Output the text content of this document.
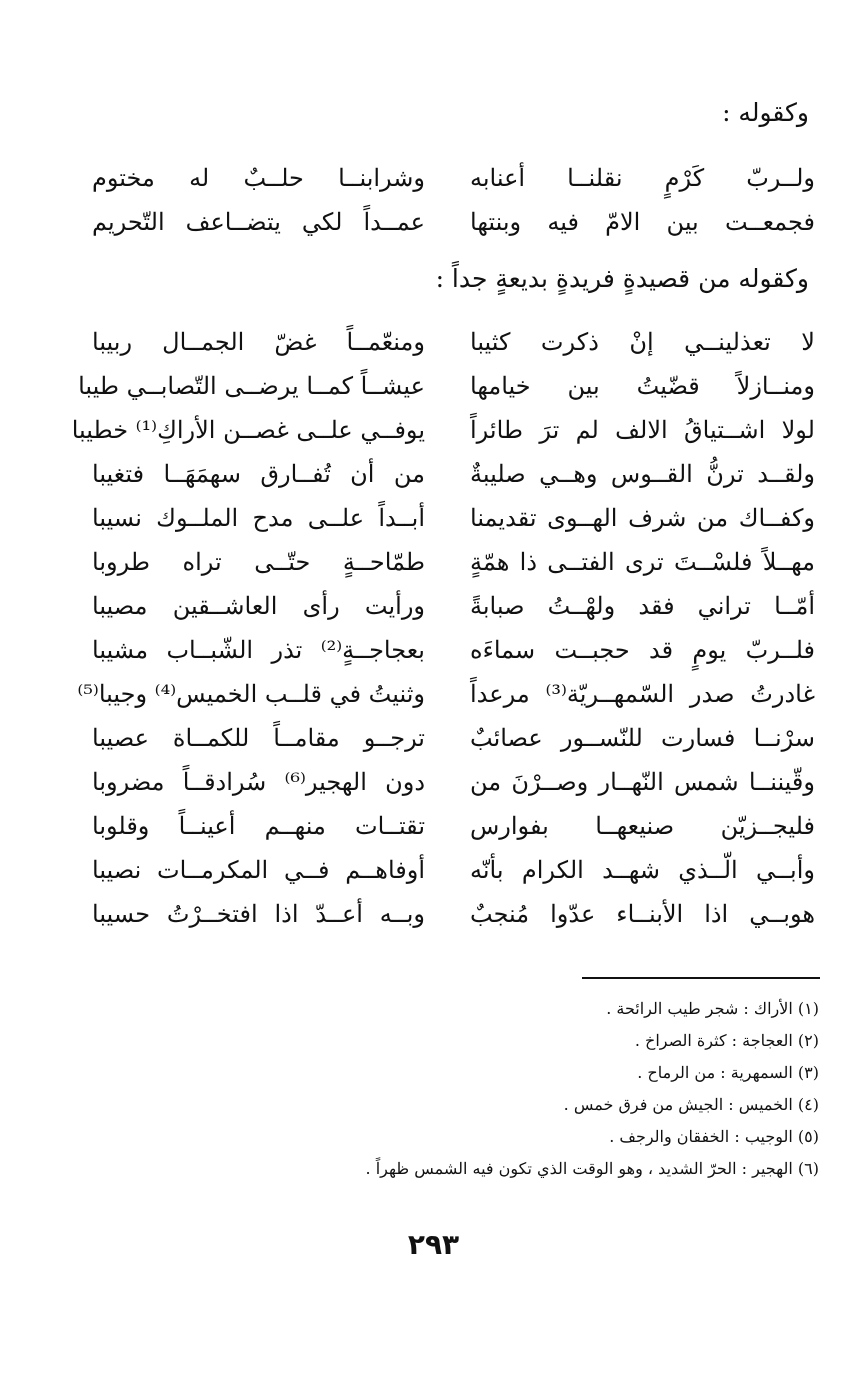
وكقوله :
ولــربّ كَرْمٍ نقلنــا أعنابه
وشرابنــا حلــبٌ له مختوم
فجمعــت بين الامّ فيه وبنتها
عمــداً لكي يتضــاعف التّحريم
وكقوله من قصيدةٍ فريدةٍ بديعةٍ جداً :
لا تعذلينــي إنْ ذكرت كثيبا
ومنعّمــاً غضّ الجمــال ربيبا
ومنــازلاً قضّيتُ بين خيامها
عيشــاً كمــا يرضــى التّصابــي طيبا
لولا اشــتياقُ الالف لم ترَ طائراً
يوفــي علــى غصــن الأراكِ⁽¹⁾ خطيبا
ولقــد ترنُّ القــوس وهــي صليبةٌ
من أن تُفــارق سهمَهَــا فتغيبا
وكفــاك من شرف الهــوى تقديمنا
أبــداً علــى مدح الملــوك نسيبا
مهــلاً فلسْــتَ ترى الفتــى ذا همّةٍ
طمّاحــةٍ حتّــى تراه طروبا
أمّــا تراني فقد ولهْــتُ صبابةً
ورأيت رأى العاشــقين مصيبا
فلــربّ يومٍ قد حجبــت سماءَه
بعجاجــةٍ⁽²⁾ تذر الشّبــاب مشيبا
غادرتُ صدر السّمهــريّة⁽³⁾ مرعداً
وثنيتُ في قلــب الخميس⁽⁴⁾ وجيبا⁽⁵⁾
سرْنــا فسارت للنّســور عصائبٌ
ترجــو مقامــاً للكمــاة عصيبا
وقّيننــا شمس النّهــار وصــرْنَ من
دون الهجير⁽⁶⁾ سُرادقــاً مضروبا
فليجــزيّن صنيعهــا بفوارس
تقتــات منهــم أعينــاً وقلوبا
وأبــي الّــذي شهــد الكرام بأنّه
أوفاهــم فــي المكرمــات نصيبا
هوبــي اذا الأبنــاء عدّوا مُنجبٌ
وبــه أعــدّ اذا افتخــرْتُ حسيبا
(١) الأراك : شجر طيب الرائحة .
(٢) العجاجة : كثرة الصراخ .
(٣) السمهرية : من الرماح .
(٤) الخميس : الجيش من فرق خمس .
(٥) الوجيب : الخفقان والرجف .
(٦) الهجير : الحرّ الشديد ، وهو الوقت الذي تكون فيه الشمس ظهراً .
٢٩٣
